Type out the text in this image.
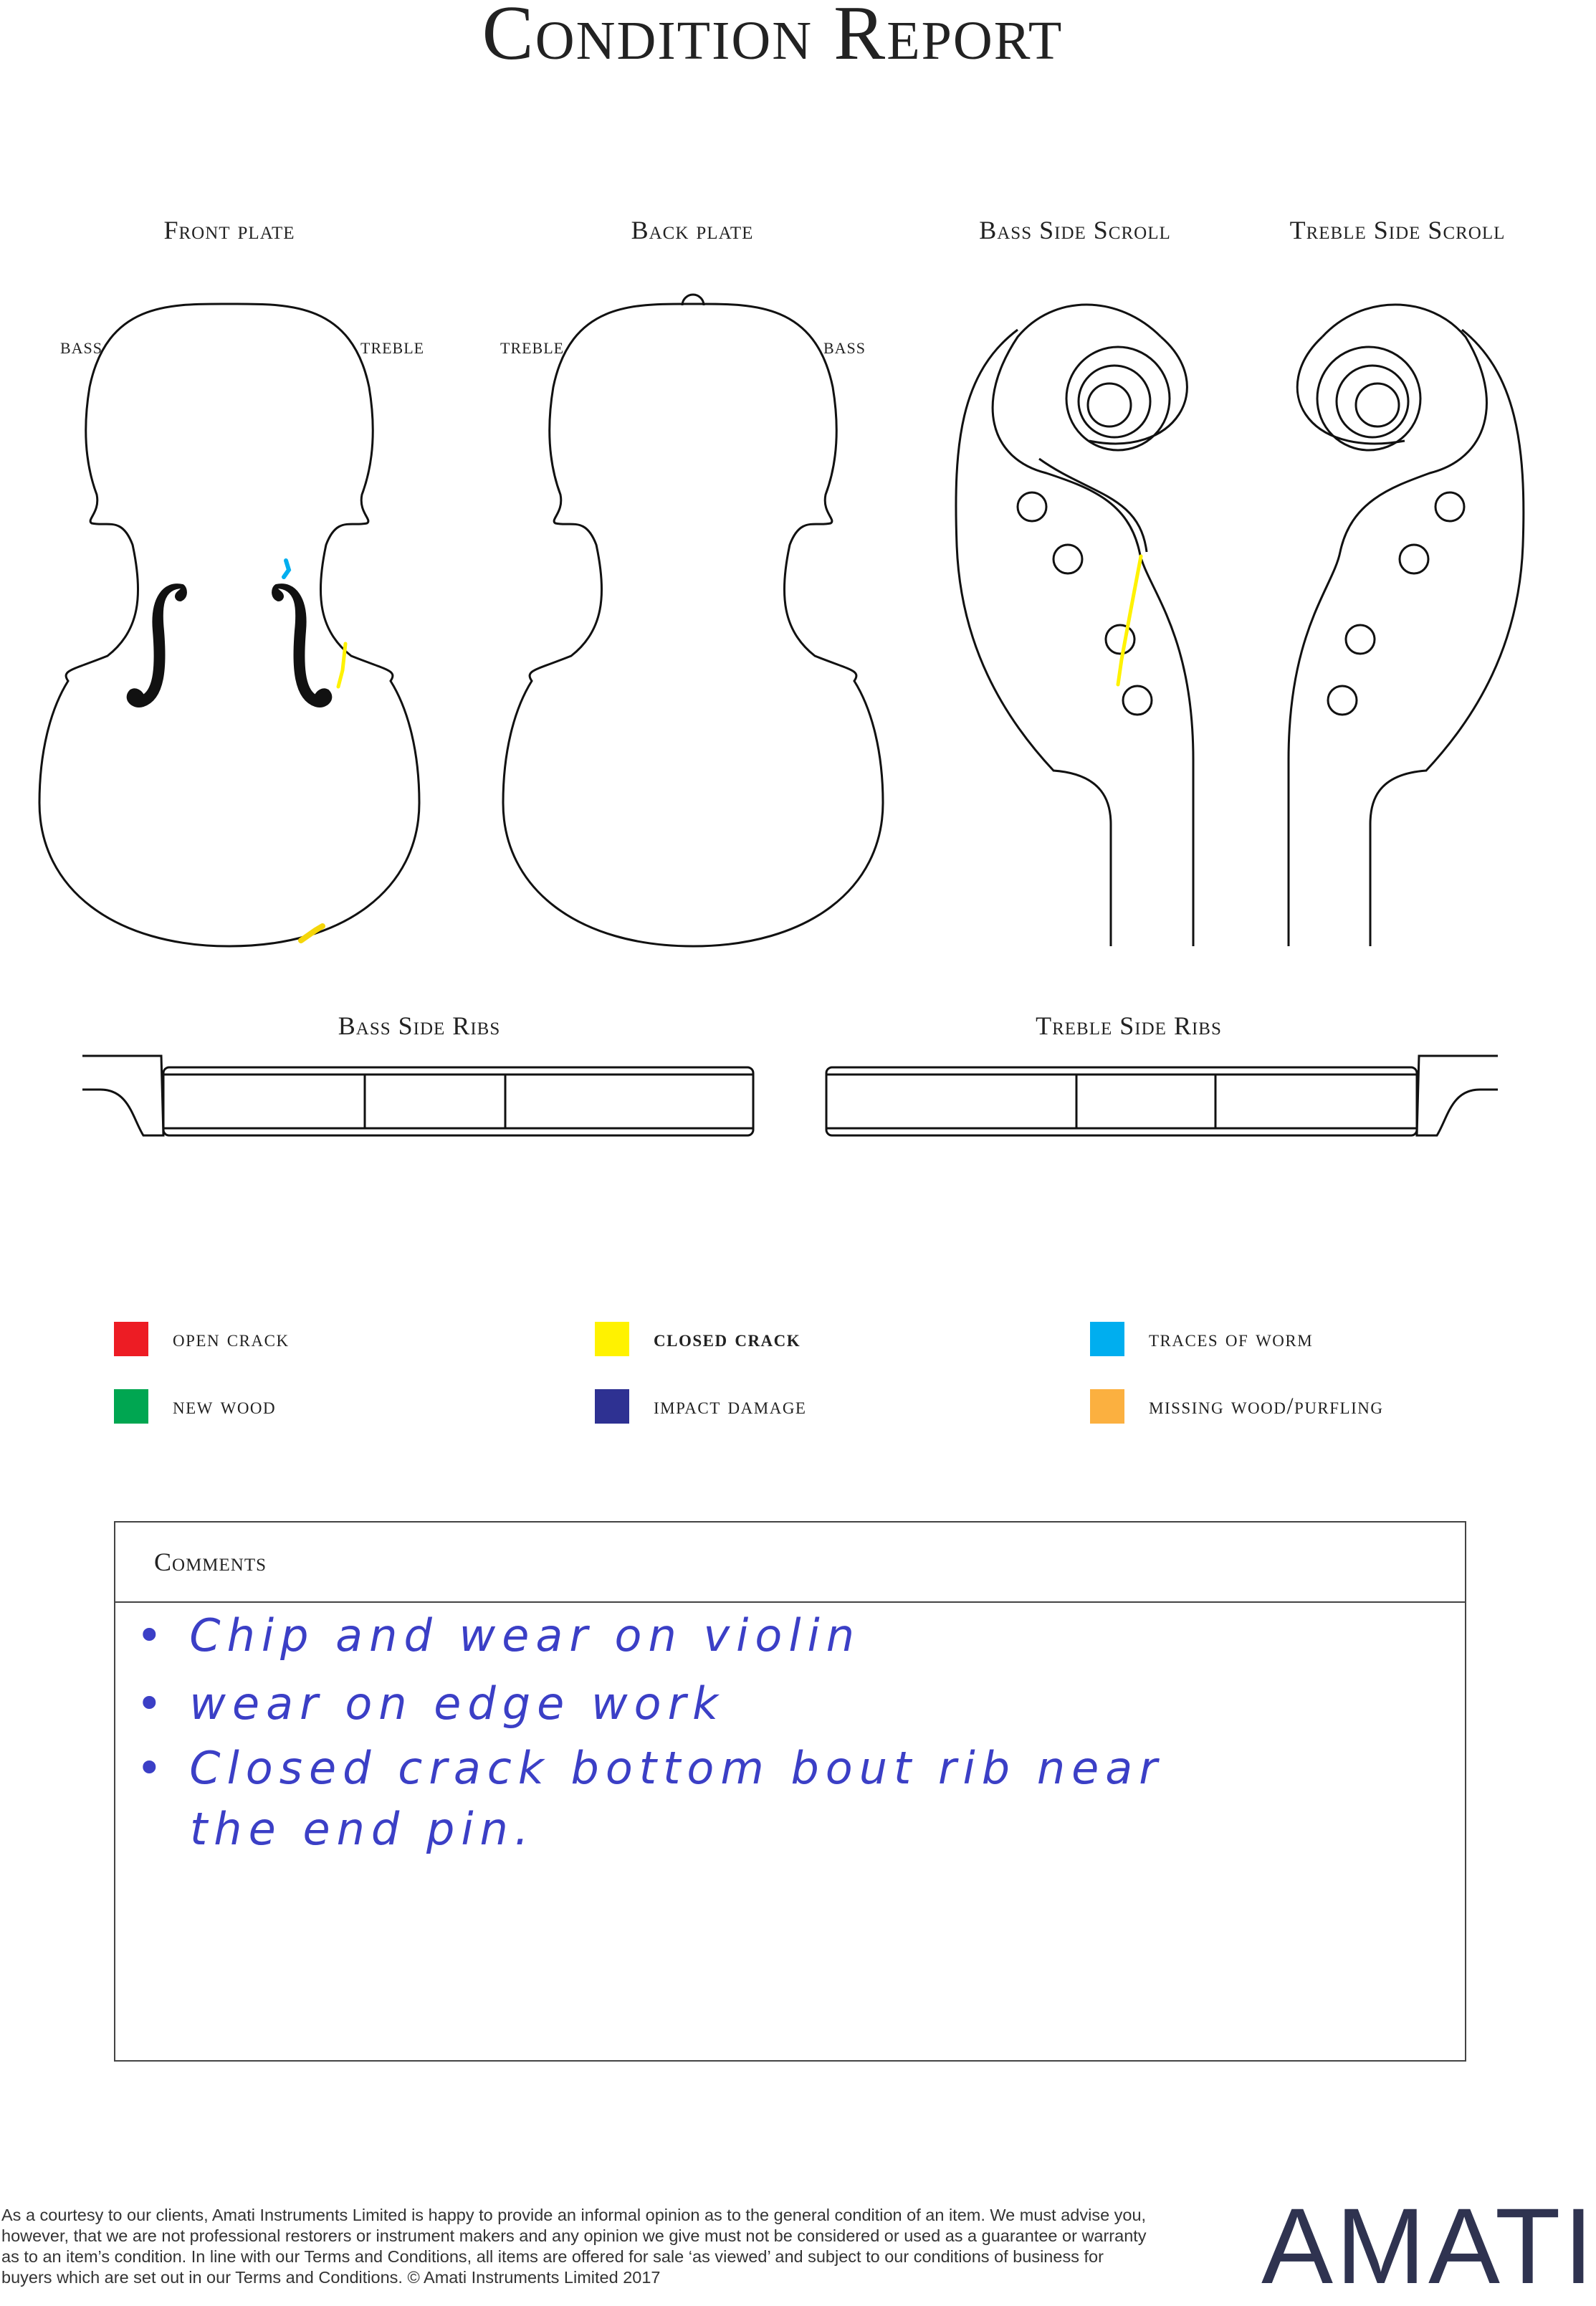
Condition Report
Front plate	Back plate	Bass Side Scroll	Treble Side Scroll
Bass Side Ribs	Treble Side Ribs
BASS	TREBLE	TREBLE	BASS
open crack	closed crack	traces of worm
new wood	impact damage	missing wood/purfling
Comments
• Chip and wear on violin
• wear on edge work
• Closed crack bottom bout rib near
the end pin.
As a courtesy to our clients, Amati Instruments Limited is happy to provide an informal opinion as to the general condition of an item. We must advise you, however, that we are not professional restorers or instrument makers and any opinion we give must not be considered or used as a guarantee or warranty as to an item’s condition. In line with our Terms and Conditions, all items are offered for sale ‘as viewed’ and subject to our conditions of business for buyers which are set out in our Terms and Conditions. © Amati Instruments Limited 2017	AMATI
